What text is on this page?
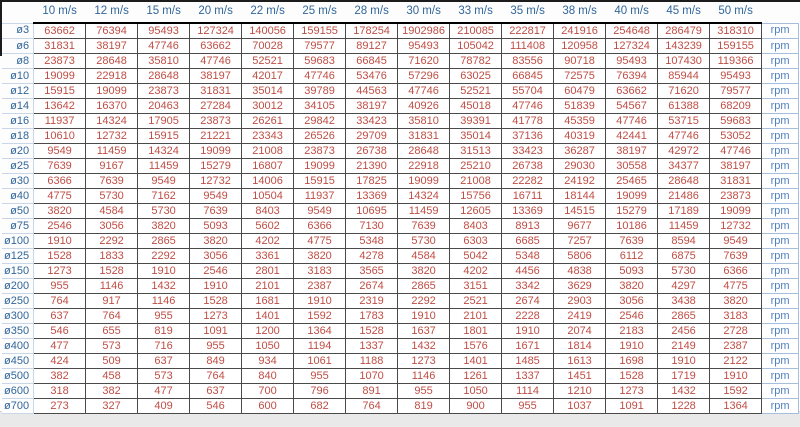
	10 m/s	12 m/s	15 m/s	20 m/s	22 m/s	25 m/s	28 m/s	30 m/s	33 m/s	35 m/s	38 m/s	40 m/s	45 m/s	50 m/s	
ø3	63662	76394	95493	127324	140056	159155	178254	1902986	210085	222817	241916	254648	286479	318310	rpm
ø6	31831	38197	47746	63662	70028	79577	89127	95493	105042	111408	120958	127324	143239	159155	rpm
ø8	23873	28648	35810	47746	52521	59683	66845	71620	78782	83556	90718	95493	107430	119366	rpm
ø10	19099	22918	28648	38197	42017	47746	53476	57296	63025	66845	72575	76394	85944	95493	rpm
ø12	15915	19099	23873	31831	35014	39789	44563	47746	52521	55704	60479	63662	71620	79577	rpm
ø14	13642	16370	20463	27284	30012	34105	38197	40926	45018	47746	51839	54567	61388	68209	rpm
ø16	11937	14324	17905	23873	26261	29842	33423	35810	39391	41778	45359	47746	53715	59683	rpm
ø18	10610	12732	15915	21221	23343	26526	29709	31831	35014	37136	40319	42441	47746	53052	rpm
ø20	9549	11459	14324	19099	21008	23873	26738	28648	31513	33423	36287	38197	42972	47746	rpm
ø25	7639	9167	11459	15279	16807	19099	21390	22918	25210	26738	29030	30558	34377	38197	rpm
ø30	6366	7639	9549	12732	14006	15915	17825	19099	21008	22282	24192	25465	28648	31831	rpm
ø40	4775	5730	7162	9549	10504	11937	13369	14324	15756	16711	18144	19099	21486	23873	rpm
ø50	3820	4584	5730	7639	8403	9549	10695	11459	12605	13369	14515	15279	17189	19099	rpm
ø75	2546	3056	3820	5093	5602	6366	7130	7639	8403	8913	9677	10186	11459	12732	rpm
ø100	1910	2292	2865	3820	4202	4775	5348	5730	6303	6685	7257	7639	8594	9549	rpm
ø125	1528	1833	2292	3056	3361	3820	4278	4584	5042	5348	5806	6112	6875	7639	rpm
ø150	1273	1528	1910	2546	2801	3183	3565	3820	4202	4456	4838	5093	5730	6366	rpm
ø200	955	1146	1432	1910	2101	2387	2674	2865	3151	3342	3629	3820	4297	4775	rpm
ø250	764	917	1146	1528	1681	1910	2319	2292	2521	2674	2903	3056	3438	3820	rpm
ø300	637	764	955	1273	1401	1592	1783	1910	2101	2228	2419	2546	2865	3183	rpm
ø350	546	655	819	1091	1200	1364	1528	1637	1801	1910	2074	2183	2456	2728	rpm
ø400	477	573	716	955	1050	1194	1337	1432	1576	1671	1814	1910	2149	2387	rpm
ø450	424	509	637	849	934	1061	1188	1273	1401	1485	1613	1698	1910	2122	rpm
ø500	382	458	573	764	840	955	1070	1146	1261	1337	1451	1528	1719	1910	rpm
ø600	318	382	477	637	700	796	891	955	1050	1114	1210	1273	1432	1592	rpm
ø700	273	327	409	546	600	682	764	819	900	955	1037	1091	1228	1364	rpm
